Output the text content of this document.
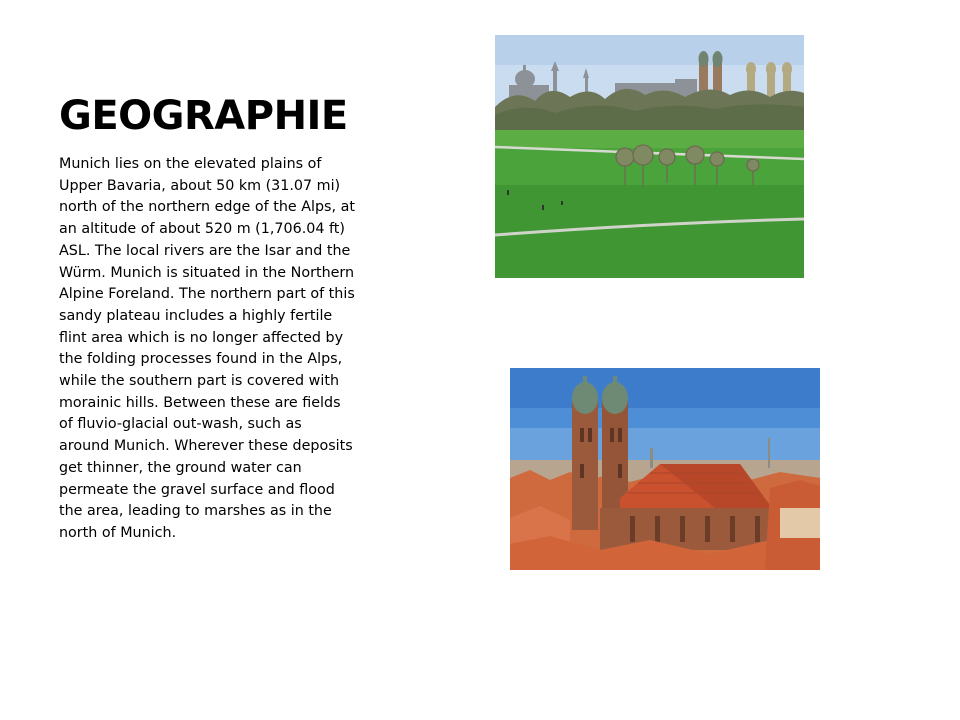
GEOGRAPHIE

Munich lies on the elevated plains of Upper Bavaria, about 50 km (31.07 mi) north of the northern edge of the Alps, at an altitude of about 520 m (1,706.04 ft) ASL. The local rivers are the Isar and the Würm. Munich is situated in the Northern Alpine Foreland. The northern part of this sandy plateau includes a highly fertile flint area which is no longer affected by the folding processes found in the Alps, while the southern part is covered with morainic hills. Between these are fields of fluvio-glacial out-wash, such as around Munich. Wherever these deposits get thinner, the ground water can permeate the gravel surface and flood the area, leading to marshes as in the north of Munich.
